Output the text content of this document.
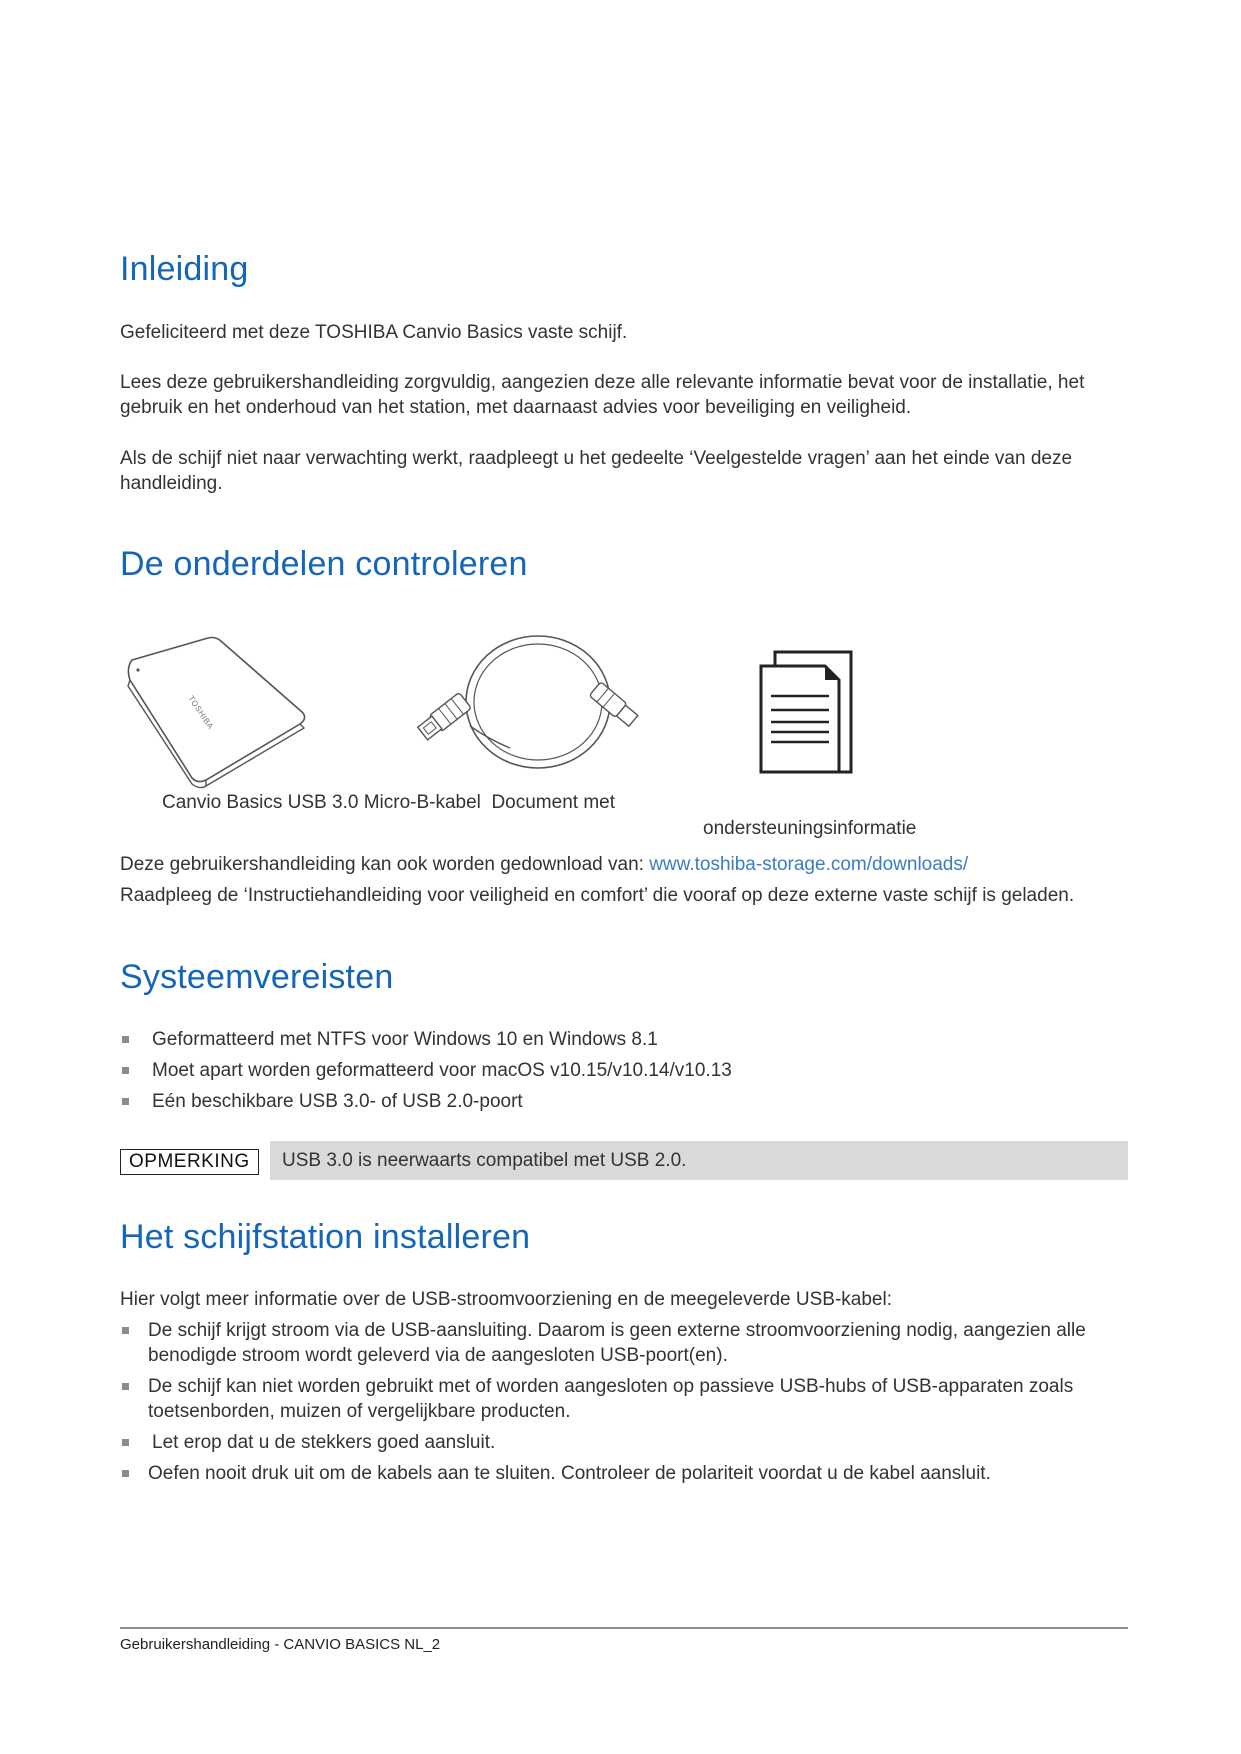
Inleiding

Gefeliciteerd met deze TOSHIBA Canvio Basics vaste schijf.

Lees deze gebruikershandleiding zorgvuldig, aangezien deze alle relevante informatie bevat voor de installatie, het gebruik en het onderhoud van het station, met daarnaast advies voor beveiliging en veiligheid.

Als de schijf niet naar verwachting werkt, raadpleegt u het gedeelte ‘Veelgestelde vragen’ aan het einde van deze handleiding.

De onderdelen controleren
TOSHIBA

Canvio Basics USB 3.0 Micro-B-kabel  Document met

ondersteuningsinformatie

Deze gebruikershandleiding kan ook worden gedownload van: www.toshiba-storage.com/downloads/

Raadpleeg de ‘Instructiehandleiding voor veiligheid en comfort’ die vooraf op deze externe vaste schijf is geladen.

Systeemvereisten
Geformatteerd met NTFS voor Windows 10 en Windows 8.1
Moet apart worden geformatteerd voor macOS v10.15/v10.14/v10.13
Eén beschikbare USB 3.0- of USB 2.0-poort
OPMERKING	USB 3.0 is neerwaarts compatibel met USB 2.0.
Het schijfstation installeren

Hier volgt meer informatie over de USB-stroomvoorziening en de meegeleverde USB-kabel:

De schijf krijgt stroom via de USB-aansluiting. Daarom is geen externe stroomvoorziening nodig, aangezien alle benodigde stroom wordt geleverd via de aangesloten USB-poort(en).
De schijf kan niet worden gebruikt met of worden aangesloten op passieve USB-hubs of USB-apparaten zoals toetsenborden, muizen of vergelijkbare producten.
Let erop dat u de stekkers goed aansluit.
Oefen nooit druk uit om de kabels aan te sluiten. Controleer de polariteit voordat u de kabel aansluit.
Gebruikershandleiding - CANVIO BASICS NL_2
